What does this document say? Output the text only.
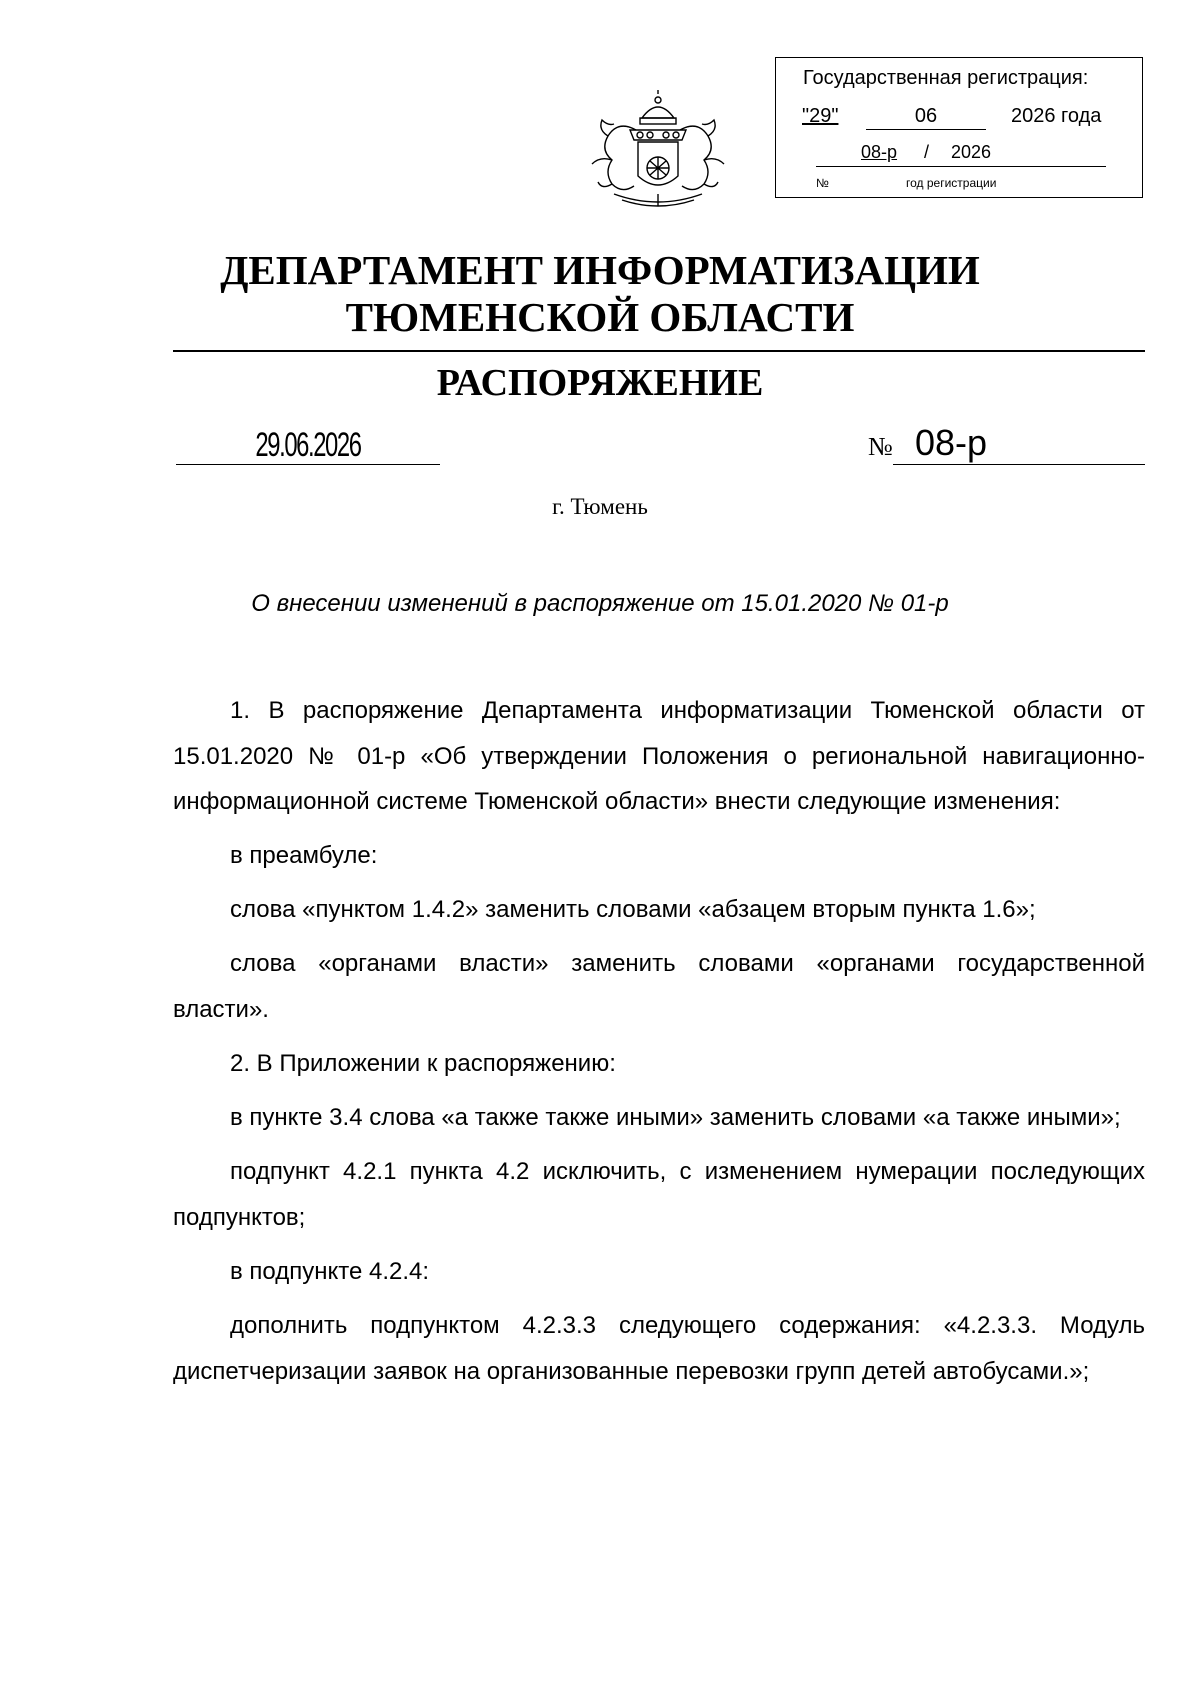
Государственная регистрация:
"29"	06	2026 года
08-р / 2026
№	год регистрации
ДЕПАРТАМЕНТ ИНФОРМАТИЗАЦИИ
ТЮМЕНСКОЙ ОБЛАСТИ
РАСПОРЯЖЕНИЕ
29.06.2026	№ 08-р
г. Тюмень
О внесении изменений в распоряжение от 15.01.2020 № 01-р

1. В распоряжение Департамента информатизации Тюменской области от 15.01.2020 № 01-р «Об утверждении Положения о региональной навигационно-информационной системе Тюменской области» внести следующие изменения:

в преамбуле:

слова «пунктом 1.4.2» заменить словами «абзацем вторым пункта 1.6»;

слова «органами власти» заменить словами «органами государственной власти».

2. В Приложении к распоряжению:

в пункте 3.4 слова «а также также иными» заменить словами «а также иными»;

подпункт 4.2.1 пункта 4.2 исключить, с изменением нумерации последующих подпунктов;

в подпункте 4.2.4:

дополнить подпунктом 4.2.3.3 следующего содержания: «4.2.3.3. Модуль диспетчеризации заявок на организованные перевозки групп детей автобусами.»;
